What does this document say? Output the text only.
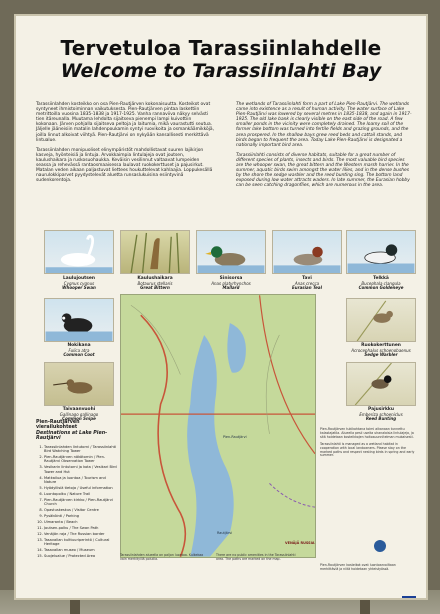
Tervetuloa Tarassiinlahdelle
Welcome to Tarassiinlahti Bay

Tarassiinlahden kosteikko on osa Pien-Rautjärven kokonaisuutta. Kosteikot ovat syntyneet ihmistoiminnan vaikutuksesta. Pien-Rautjärven pintaa laskettiin metrittoilla vuosina 1835-1838 ja 1917-1925. Vanha rannaviiva näkyy selvästi tien itäreunalla. Muutama lehdolta sijaitseva pienempi lampi kuivottiin kokonaan. Järven pohjalla sijaitseva peltoja ja laitumia, mikä vaurastutti seutua. Jäljelle jääneisiin matalin lahdenpoukamin syntyi ruovikoita ja osmankäämikköjä, joilla linnut alkoivat viihtyä. Pien-Rautjärvi on nykyään kansallisesti merkittävä lintualue.

Tarassiinlahden monipuoliset elinympäristöt mahdollistavat suuren lajikirjon kasveja, hyönteisiä ja lintuja. Arvokkaimpia lintulajeja ovat joutsen, kaulushaikara ja ruskosuohaukka. Keväisin vesilinnut valtaavat lumpeiden seassa ja rehevässä rantaosmaaisessa laulavat ruokokerttuset ja pajusirkut. Matalan veden aikaan paljastuvat liettees houkuttelevat kahlaajia. Loppukesällä naurulokkiparvet pyydystelevät aluetta runsaslukuisina esiintyvinä sudenkorentoja.

The wetlands of Tarassiinlahti form a part of Lake Pien-Rautjärvi. The wetlands came into existence as a result of human activity. The water surface of Lake Pien-Rautjärvi was lowered by several metres in 1835-1838, and again in 1917-1925. The old lake bank is clearly visible on the east side of the road. A few smaller ponds in the vicinity were completely drained. The loamy soil of the former lake bottom was turned into fertile fields and grazing grounds, and the area prospered. In the shallow bays grew reed beds and cattail stands, and birds began to frequent the area. Today Lake Pien-Rautjärvi is designated a nationally important bird area.

Tarassiinlahti consists of diverse habitats, suitable for a great number of different species of plants, insects and birds. The most valuable bird species are the whooper swan, the great bittern and the Western marsh harrier. In the summer, aquatic birds swim amongst the water lilies, and in the dense bushes by the shore the sedge warbler and the reed bunting sing. The bottom land exposed during low water attracts waders. In late summer, the Eurasian hobby can be seen catching dragonflies, which are numerous in the area.

Laulujoutsen
Cygnus cygnus
Whooper Swan
Kaulushaikara
Botaurus stellaris
Great Bittern
Sinisorsa
Anas platyrhynchos
Mallard
Tavi
Anas crecca
Eurasian Teal
Telkkä
Bucephala clangula
Common Goldeneye
Nokikana
Fulica atra
Common Coot
Taivaanvuohi
Gallinago gallinago
Common Snipe
Ruokokerttunen
Acrocephalus schoenobaenus
Sedge Warbler
Pajusirkku
Emberiza schoeniclus
Reed Bunting
Pien-Rautjärvi
Rautjärvi
VENÄJÄ RUSSIA
Pien-Rautjärven vierailukohteet
Destinations at Lake Pien-Rautjärvi
1. Tarassiinlahden lintutorni / Tarassiinlahti Bird Watching Tower
2. Pien-Rautjärven näkötornin / Pien-Rautjärvi Observation Tower
3. Vesikarin lintutorni ja kota / Vesikari Bird Tower and Hut
4. Matkailua ja luontoa / Tourism and Nature
5. Hyödyllisiä tietoja / Useful information
6. Luontopolku / Nature Trail
7. Pien-Rautjärven kirkko / Pien-Rautjärvi Church
8. Opastuskeskus / Visitor Centre
9. Pysäköinti / Parking
10. Uimaranta / Beach
11. Joutsen-polku / The Swan Path
12. Venäjän raja / The Russian border
13. Tasavallan kulttuuriperintö / Cultural Heritage
14. Tasavallan museo / Museum
15. Suojelualue / Protected Area

Pien-Rautjärven tukikohtana toimi aikanaan tunnettu kalastajatila. Alueella pesii useita uhanalaisia lintulajeja, ja sitä hoidetaan kosteikkojen hoitosuunnitelman mukaisesti.

Tarassiinlahti is managed as a wetland habitat in cooperation with local landowners. Please stay on the marked paths and respect nesting birds in spring and early summer.

Tarassiinlahden alueella on paljon luontoa. Kulkekaa vain merkityillä poluilla.
There are no public amenities in the Tarassiinlahti area. The paths are marked on the map.
Pien-Rautjärven kosteikot ovat luontoarvoiltaan merkittäviä ja niitä hoidetaan yhteistyössä.
